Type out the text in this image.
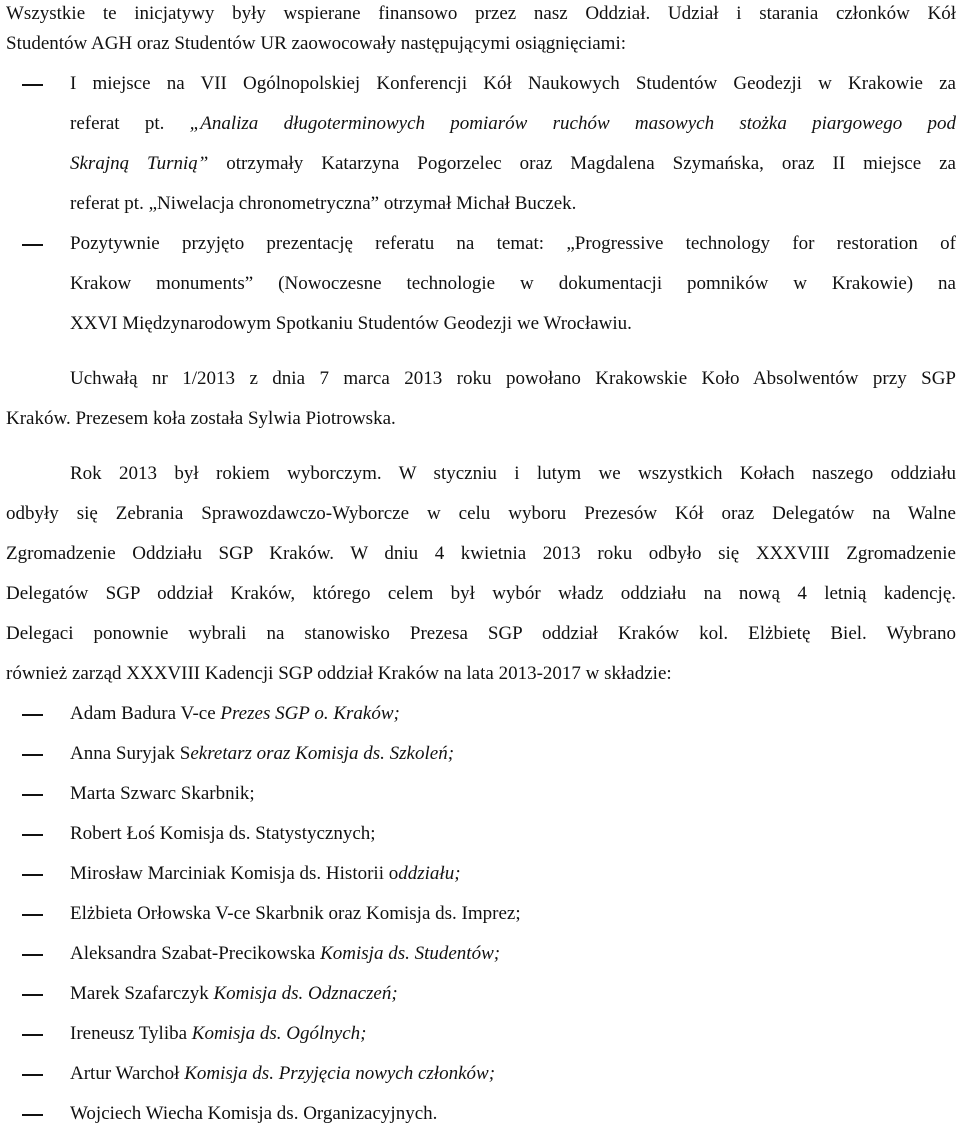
Wszystkie te inicjatywy były wspierane finansowo przez nasz Oddział. Udział i starania członków Kół
Studentów AGH oraz Studentów UR zaowocowały następującymi osiągnięciami:
I miejsce na VII Ogólnopolskiej Konferencji Kół Naukowych Studentów Geodezji w Krakowie za
referat pt. „Analiza długoterminowych pomiarów ruchów masowych stożka piargowego pod
Skrajną Turnią” otrzymały Katarzyna Pogorzelec oraz Magdalena Szymańska, oraz II miejsce za
referat pt. „Niwelacja chronometryczna” otrzymał Michał Buczek.
Pozytywnie przyjęto prezentację referatu na temat: „Progressive technology for restoration of
Krakow monuments” (Nowoczesne technologie w dokumentacji pomników w Krakowie) na
XXVI Międzynarodowym Spotkaniu Studentów Geodezji we Wrocławiu.
Uchwałą nr 1/2013 z dnia 7 marca 2013 roku powołano Krakowskie Koło Absolwentów przy SGP
Kraków. Prezesem koła została Sylwia Piotrowska.
Rok 2013 był rokiem wyborczym. W styczniu i lutym we wszystkich Kołach naszego oddziału
odbyły się Zebrania Sprawozdawczo-Wyborcze w celu wyboru Prezesów Kół oraz Delegatów na Walne
Zgromadzenie Oddziału SGP Kraków. W dniu 4 kwietnia 2013 roku odbyło się XXXVIII Zgromadzenie
Delegatów SGP oddział Kraków, którego celem był wybór władz oddziału na nową 4 letnią kadencję.
Delegaci ponownie wybrali na stanowisko Prezesa SGP oddział Kraków kol. Elżbietę Biel. Wybrano
również zarząd XXXVIII Kadencji SGP oddział Kraków na lata 2013-2017 w składzie:
Adam Badura V-ce Prezes SGP o. Kraków;
Anna Suryjak Sekretarz oraz Komisja ds. Szkoleń;
Marta Szwarc Skarbnik;
Robert Łoś Komisja ds. Statystycznych;
Mirosław Marciniak Komisja ds. Historii oddziału;
Elżbieta Orłowska V-ce Skarbnik oraz Komisja ds. Imprez;
Aleksandra Szabat-Precikowska Komisja ds. Studentów;
Marek Szafarczyk Komisja ds. Odznaczeń;
Ireneusz Tyliba Komisja ds. Ogólnych;
Artur Warchoł Komisja ds. Przyjęcia nowych członków;
Wojciech Wiecha Komisja ds. Organizacyjnych.
